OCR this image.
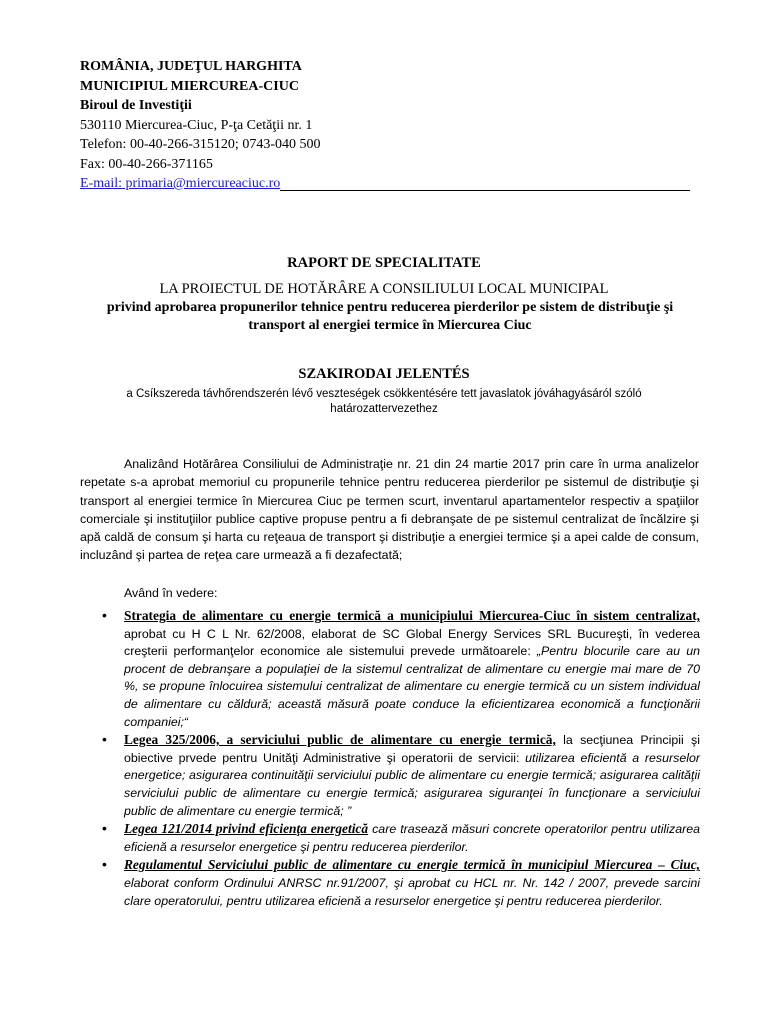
ROMÂNIA, JUDEŢUL HARGHITA
MUNICIPIUL MIERCUREA-CIUC
Biroul de Investiţii
530110 Miercurea-Ciuc, P-ţa Cetăţii nr. 1
Telefon: 00-40-266-315120; 0743-040 500
Fax: 00-40-266-371165
E-mail: primaria@miercureaciuc.ro
RAPORT DE SPECIALITATE
LA PROIECTUL DE HOTĂRÂRE A CONSILIULUI LOCAL MUNICIPAL
privind aprobarea propunerilor tehnice pentru reducerea pierderilor pe sistem de distribuţie şi transport al energiei termice în Miercurea Ciuc
SZAKIRODAI JELENTÉS
a Csíkszereda távhőrendszerén lévő veszteségek csökkentésére tett javaslatok jóváhagyásáról szóló határozattervezethez
Analizând Hotărârea Consiliului de Administraţie nr. 21 din 24 martie 2017 prin care în urma analizelor repetate s-a aprobat memoriul cu propunerile tehnice pentru reducerea pierderilor pe sistemul de distribuţie şi transport al energiei termice în Miercurea Ciuc pe termen scurt, inventarul apartamentelor respectiv a spaţiilor comerciale şi instituţiilor publice captive propuse pentru a fi debranşate de pe sistemul centralizat de încălzire şi apă caldă de consum şi harta cu reţeaua de transport şi distribuţie a energiei termice şi a apei calde de consum, incluzând şi partea de reţea care urmează a fi dezafectată;
Având în vedere:
• Strategia de alimentare cu energie termică a municipiului Miercurea-Ciuc în sistem centralizat, aprobat cu H C L Nr. 62/2008, elaborat de SC Global Energy Services SRL Bucureşti, în vederea creşterii performanţelor economice ale sistemului prevede următoarele: „Pentru blocurile care au un procent de debranşare a populaţiei de la sistemul centralizat de alimentare cu energie mai mare de 70 %, se propune înlocuirea sistemului centralizat de alimentare cu energie termică cu un sistem individual de alimentare cu căldură; această măsură poate conduce la eficientizarea economică a funcţionării companiei;“
• Legea 325/2006, a serviciului public de alimentare cu energie termică, la secţiunea Principii şi obiective prvede pentru Unităţi Administrative şi operatorii de servicii: utilizarea eficientă a resurselor energetice; asigurarea continuităţii serviciului public de alimentare cu energie termică; asigurarea calităţii serviciului public de alimentare cu energie termică; asigurarea siguranţei în funcţionare a serviciului public de alimentare cu energie termică; ”
• Legea 121/2014 privind eficienţa energetică care trasează măsuri concrete operatorilor pentru utilizarea eficienă a resurselor energetice şi pentru reducerea pierderilor.
• Regulamentul Serviciului public de alimentare cu energie termică în municipiul Miercurea – Ciuc, elaborat conform Ordinului ANRSC nr.91/2007, şi aprobat cu HCL nr. Nr. 142 / 2007, prevede sarcini clare operatorului, pentru utilizarea eficienă a resurselor energetice şi pentru reducerea pierderilor.
